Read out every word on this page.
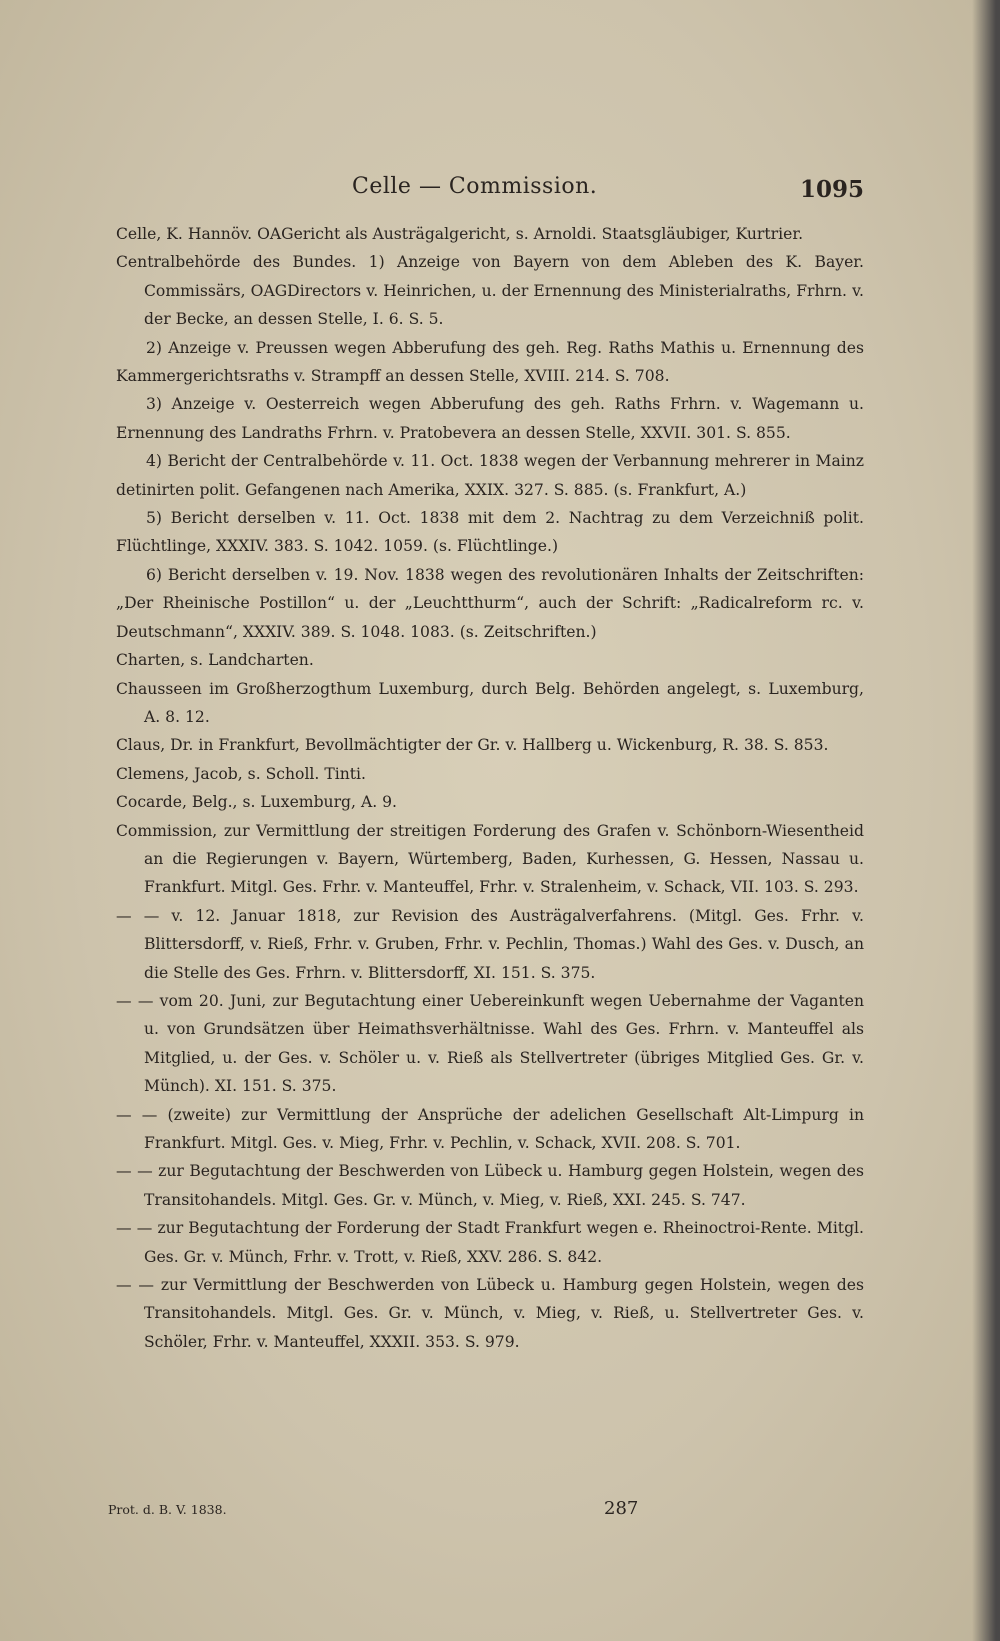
Celle — Commission.	1095

Celle, K. Hannöv. OAGericht als Austrägalgericht, s. Arnoldi. Staatsgläubiger, Kurtrier.

Centralbehörde des Bundes. 1) Anzeige von Bayern von dem Ableben des K. Bayer. Commissärs, OAGDirectors v. Heinrichen, u. der Ernennung des Ministerialraths, Frhrn. v. der Becke, an dessen Stelle, I. 6. S. 5.

2) Anzeige v. Preussen wegen Abberufung des geh. Reg. Raths Mathis u. Ernennung des Kammergerichtsraths v. Strampff an dessen Stelle, XVIII. 214. S. 708.

3) Anzeige v. Oesterreich wegen Abberufung des geh. Raths Frhrn. v. Wagemann u. Ernennung des Landraths Frhrn. v. Pratobevera an dessen Stelle, XXVII. 301. S. 855.

4) Bericht der Centralbehörde v. 11. Oct. 1838 wegen der Verbannung mehrerer in Mainz detinirten polit. Gefangenen nach Amerika, XXIX. 327. S. 885. (s. Frankfurt, A.)

5) Bericht derselben v. 11. Oct. 1838 mit dem 2. Nachtrag zu dem Verzeichniß polit. Flüchtlinge, XXXIV. 383. S. 1042. 1059. (s. Flüchtlinge.)

6) Bericht derselben v. 19. Nov. 1838 wegen des revolutionären Inhalts der Zeitschriften: „Der Rheinische Postillon“ u. der „Leuchtthurm“, auch der Schrift: „Radicalreform rc. v. Deutschmann“, XXXIV. 389. S. 1048. 1083. (s. Zeitschriften.)

Charten, s. Landcharten.

Chausseen im Großherzogthum Luxemburg, durch Belg. Behörden angelegt, s. Luxemburg, A. 8. 12.

Claus, Dr. in Frankfurt, Bevollmächtigter der Gr. v. Hallberg u. Wickenburg, R. 38. S. 853.

Clemens, Jacob, s. Scholl. Tinti.

Cocarde, Belg., s. Luxemburg, A. 9.

Commission, zur Vermittlung der streitigen Forderung des Grafen v. Schönborn-Wiesentheid an die Regierungen v. Bayern, Würtemberg, Baden, Kurhessen, G. Hessen, Nassau u. Frankfurt. Mitgl. Ges. Frhr. v. Manteuffel, Frhr. v. Stralenheim, v. Schack, VII. 103. S. 293.

— — v. 12. Januar 1818, zur Revision des Austrägalverfahrens. (Mitgl. Ges. Frhr. v. Blittersdorff, v. Rieß, Frhr. v. Gruben, Frhr. v. Pechlin, Thomas.) Wahl des Ges. v. Dusch, an die Stelle des Ges. Frhrn. v. Blittersdorff, XI. 151. S. 375.

— — vom 20. Juni, zur Begutachtung einer Uebereinkunft wegen Uebernahme der Vaganten u. von Grundsätzen über Heimathsverhältnisse. Wahl des Ges. Frhrn. v. Manteuffel als Mitglied, u. der Ges. v. Schöler u. v. Rieß als Stellvertreter (übriges Mitglied Ges. Gr. v. Münch). XI. 151. S. 375.

— — (zweite) zur Vermittlung der Ansprüche der adelichen Gesellschaft Alt-Limpurg in Frankfurt. Mitgl. Ges. v. Mieg, Frhr. v. Pechlin, v. Schack, XVII. 208. S. 701.

— — zur Begutachtung der Beschwerden von Lübeck u. Hamburg gegen Holstein, wegen des Transitohandels. Mitgl. Ges. Gr. v. Münch, v. Mieg, v. Rieß, XXI. 245. S. 747.

— — zur Begutachtung der Forderung der Stadt Frankfurt wegen e. Rheinoctroi-Rente. Mitgl. Ges. Gr. v. Münch, Frhr. v. Trott, v. Rieß, XXV. 286. S. 842.

— — zur Vermittlung der Beschwerden von Lübeck u. Hamburg gegen Holstein, wegen des Transitohandels. Mitgl. Ges. Gr. v. Münch, v. Mieg, v. Rieß, u. Stellvertreter Ges. v. Schöler, Frhr. v. Manteuffel, XXXII. 353. S. 979.

Prot. d. B. V. 1838.	287
